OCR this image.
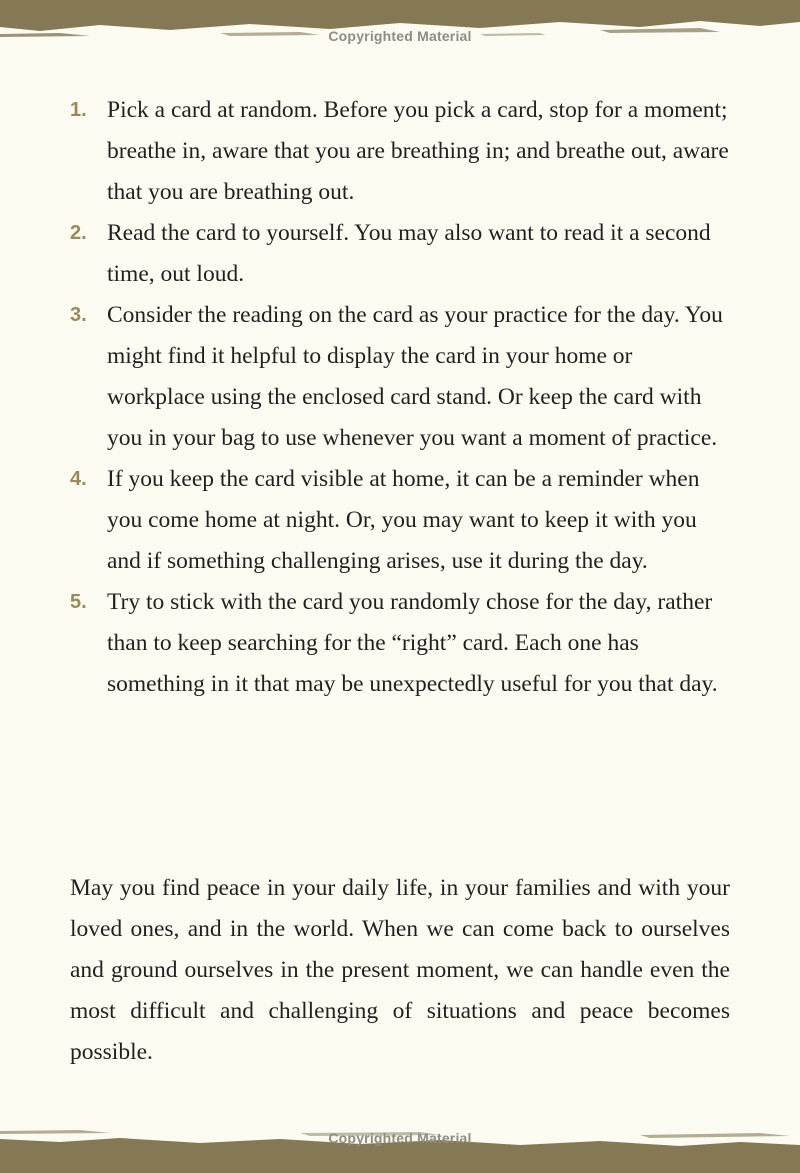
Copyrighted Material
1. Pick a card at random. Before you pick a card, stop for a moment; breathe in, aware that you are breathing in; and breathe out, aware that you are breathing out.
2. Read the card to yourself. You may also want to read it a second time, out loud.
3. Consider the reading on the card as your practice for the day. You might find it helpful to display the card in your home or workplace using the enclosed card stand. Or keep the card with you in your bag to use whenever you want a moment of practice.
4. If you keep the card visible at home, it can be a reminder when you come home at night. Or, you may want to keep it with you and if something challenging arises, use it during the day.
5. Try to stick with the card you randomly chose for the day, rather than to keep searching for the “right” card. Each one has something in it that may be unexpectedly useful for you that day.

May you find peace in your daily life, in your families and with your loved ones, and in the world. When we can come back to ourselves and ground ourselves in the present moment, we can handle even the most difficult and challenging of situations and peace becomes possible.

Copyrighted Material
